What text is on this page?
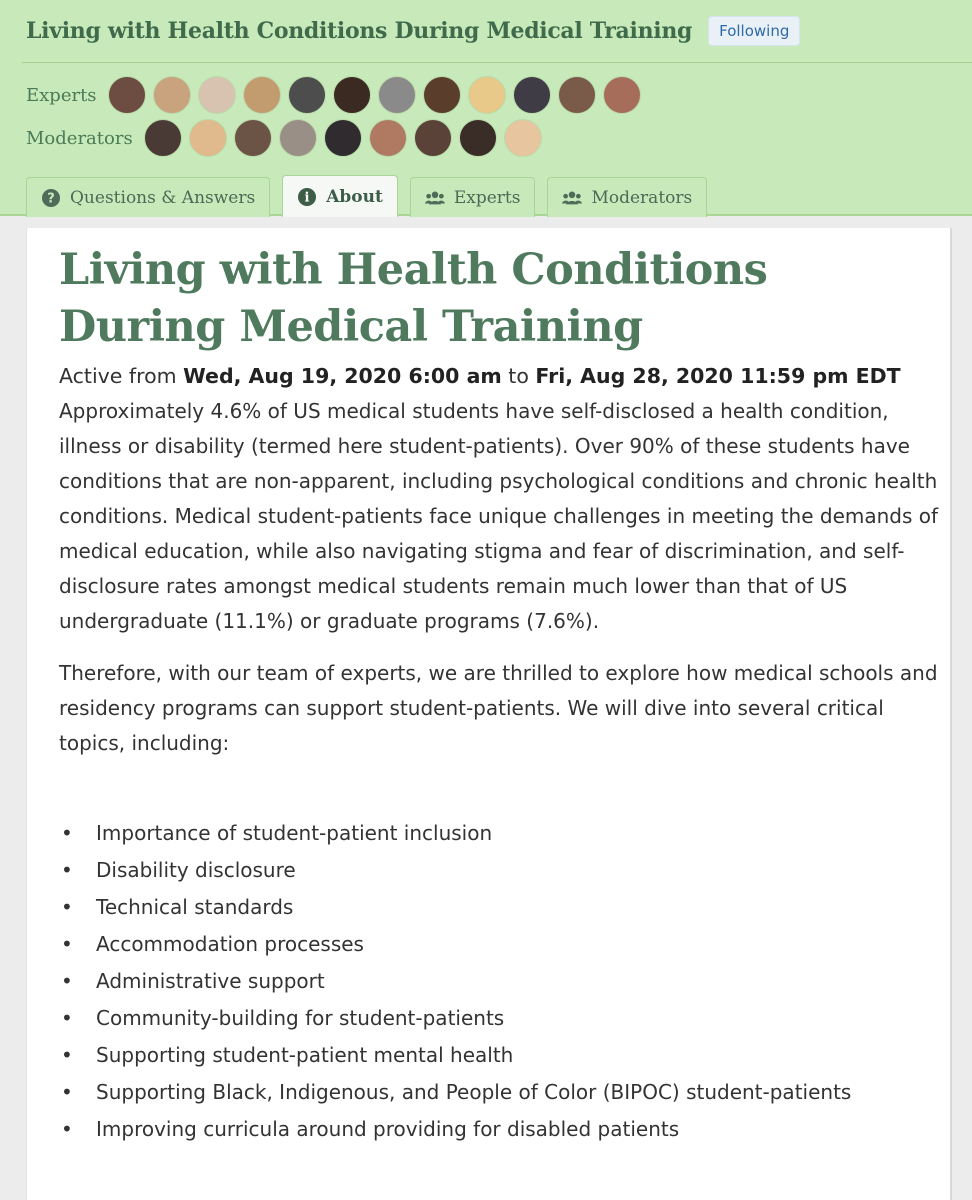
Living with Health Conditions During Medical Training	Following
Experts
Moderators
? Questions & Answers	i About	Experts	Moderators
Living with Health Conditions During Medical Training
Active from Wed, Aug 19, 2020 6:00 am to Fri, Aug 28, 2020 11:59 pm EDT

Approximately 4.6% of US medical students have self-disclosed a health condition, illness or disability (termed here student-patients). Over 90% of these students have conditions that are non-apparent, including psychological conditions and chronic health conditions. Medical student-patients face unique challenges in meeting the demands of medical education, while also navigating stigma and fear of discrimination, and self-disclosure rates amongst medical students remain much lower than that of US undergraduate (11.1%) or graduate programs (7.6%).

Therefore, with our team of experts, we are thrilled to explore how medical schools and residency programs can support student-patients. We will dive into several critical topics, including:

•	Importance of student-patient inclusion
•	Disability disclosure
•	Technical standards
•	Accommodation processes
•	Administrative support
•	Community-building for student-patients
•	Supporting student-patient mental health
•	Supporting Black, Indigenous, and People of Color (BIPOC) student-patients
•	Improving curricula around providing for disabled patients
